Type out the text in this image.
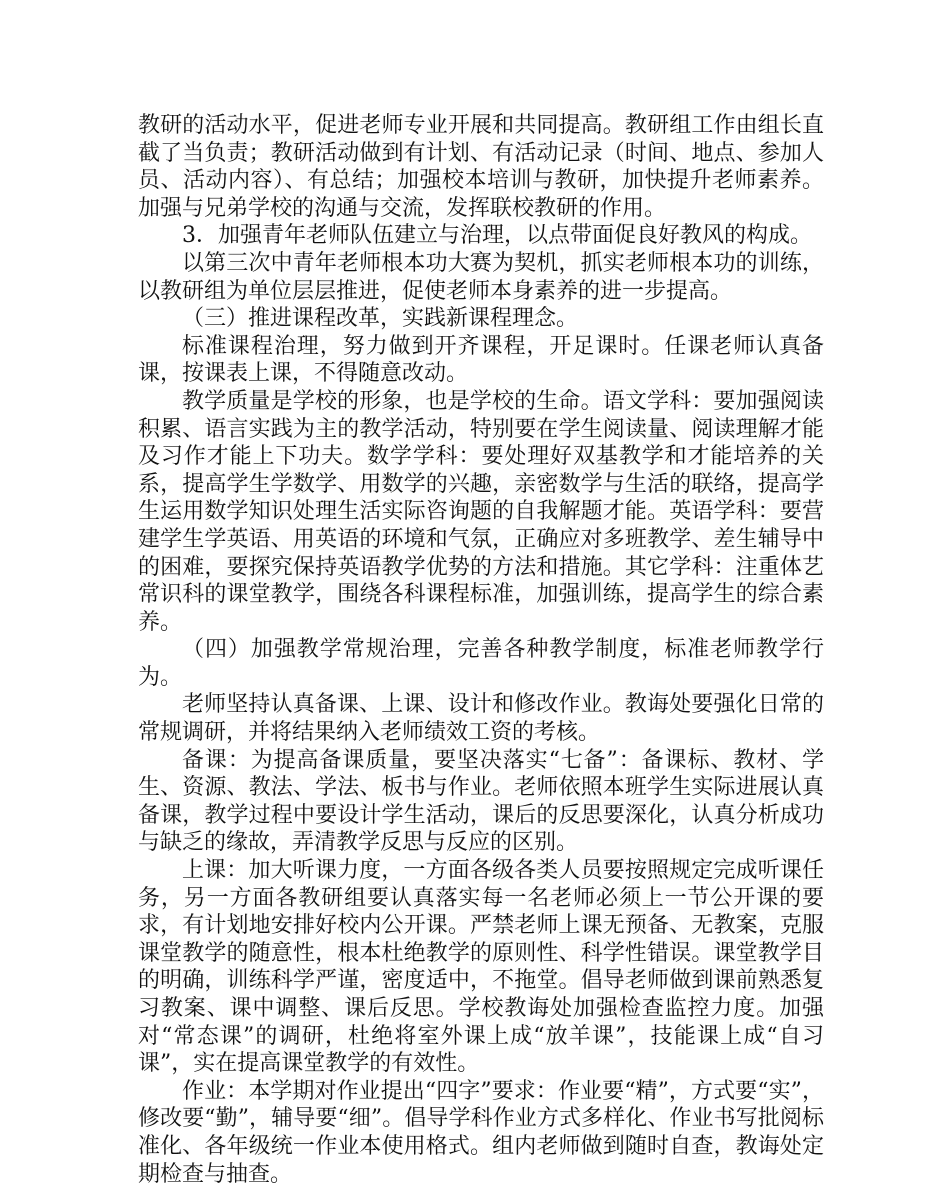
教研的活动水平，促进老师专业开展和共同提高。教研组工作由组长直截了当负责；教研活动做到有计划、有活动记录（时间、地点、参加人员、活动内容）、有总结；加强校本培训与教研，加快提升老师素养。加强与兄弟学校的沟通与交流，发挥联校教研的作用。

3．加强青年老师队伍建立与治理，以点带面促良好教风的构成。

以第三次中青年老师根本功大赛为契机，抓实老师根本功的训练，以教研组为单位层层推进，促使老师本身素养的进一步提高。

（三）推进课程改革，实践新课程理念。

标准课程治理，努力做到开齐课程，开足课时。任课老师认真备课，按课表上课，不得随意改动。

教学质量是学校的形象，也是学校的生命。语文学科：要加强阅读积累、语言实践为主的教学活动，特别要在学生阅读量、阅读理解才能及习作才能上下功夫。数学学科：要处理好双基教学和才能培养的关系，提高学生学数学、用数学的兴趣，亲密数学与生活的联络，提高学生运用数学知识处理生活实际咨询题的自我解题才能。英语学科：要营建学生学英语、用英语的环境和气氛，正确应对多班教学、差生辅导中的困难，要探究保持英语教学优势的方法和措施。其它学科：注重体艺常识科的课堂教学，围绕各科课程标准，加强训练，提高学生的综合素养。

（四）加强教学常规治理，完善各种教学制度，标准老师教学行为。

老师坚持认真备课、上课、设计和修改作业。教诲处要强化日常的常规调研，并将结果纳入老师绩效工资的考核。

备课：为提高备课质量，要坚决落实“七备”：备课标、教材、学生、资源、教法、学法、板书与作业。老师依照本班学生实际进展认真备课，教学过程中要设计学生活动，课后的反思要深化，认真分析成功与缺乏的缘故，弄清教学反思与反应的区别。

上课：加大听课力度，一方面各级各类人员要按照规定完成听课任务，另一方面各教研组要认真落实每一名老师必须上一节公开课的要求，有计划地安排好校内公开课。严禁老师上课无预备、无教案，克服课堂教学的随意性，根本杜绝教学的原则性、科学性错误。课堂教学目的明确，训练科学严谨，密度适中，不拖堂。倡导老师做到课前熟悉复习教案、课中调整、课后反思。学校教诲处加强检查监控力度。加强对“常态课”的调研，杜绝将室外课上成“放羊课”，技能课上成“自习课”，实在提高课堂教学的有效性。

作业：本学期对作业提出“四字”要求：作业要“精”，方式要“实”，修改要“勤”，辅导要“细”。倡导学科作业方式多样化、作业书写批阅标准化、各年级统一作业本使用格式。组内老师做到随时自查，教诲处定期检查与抽查。
